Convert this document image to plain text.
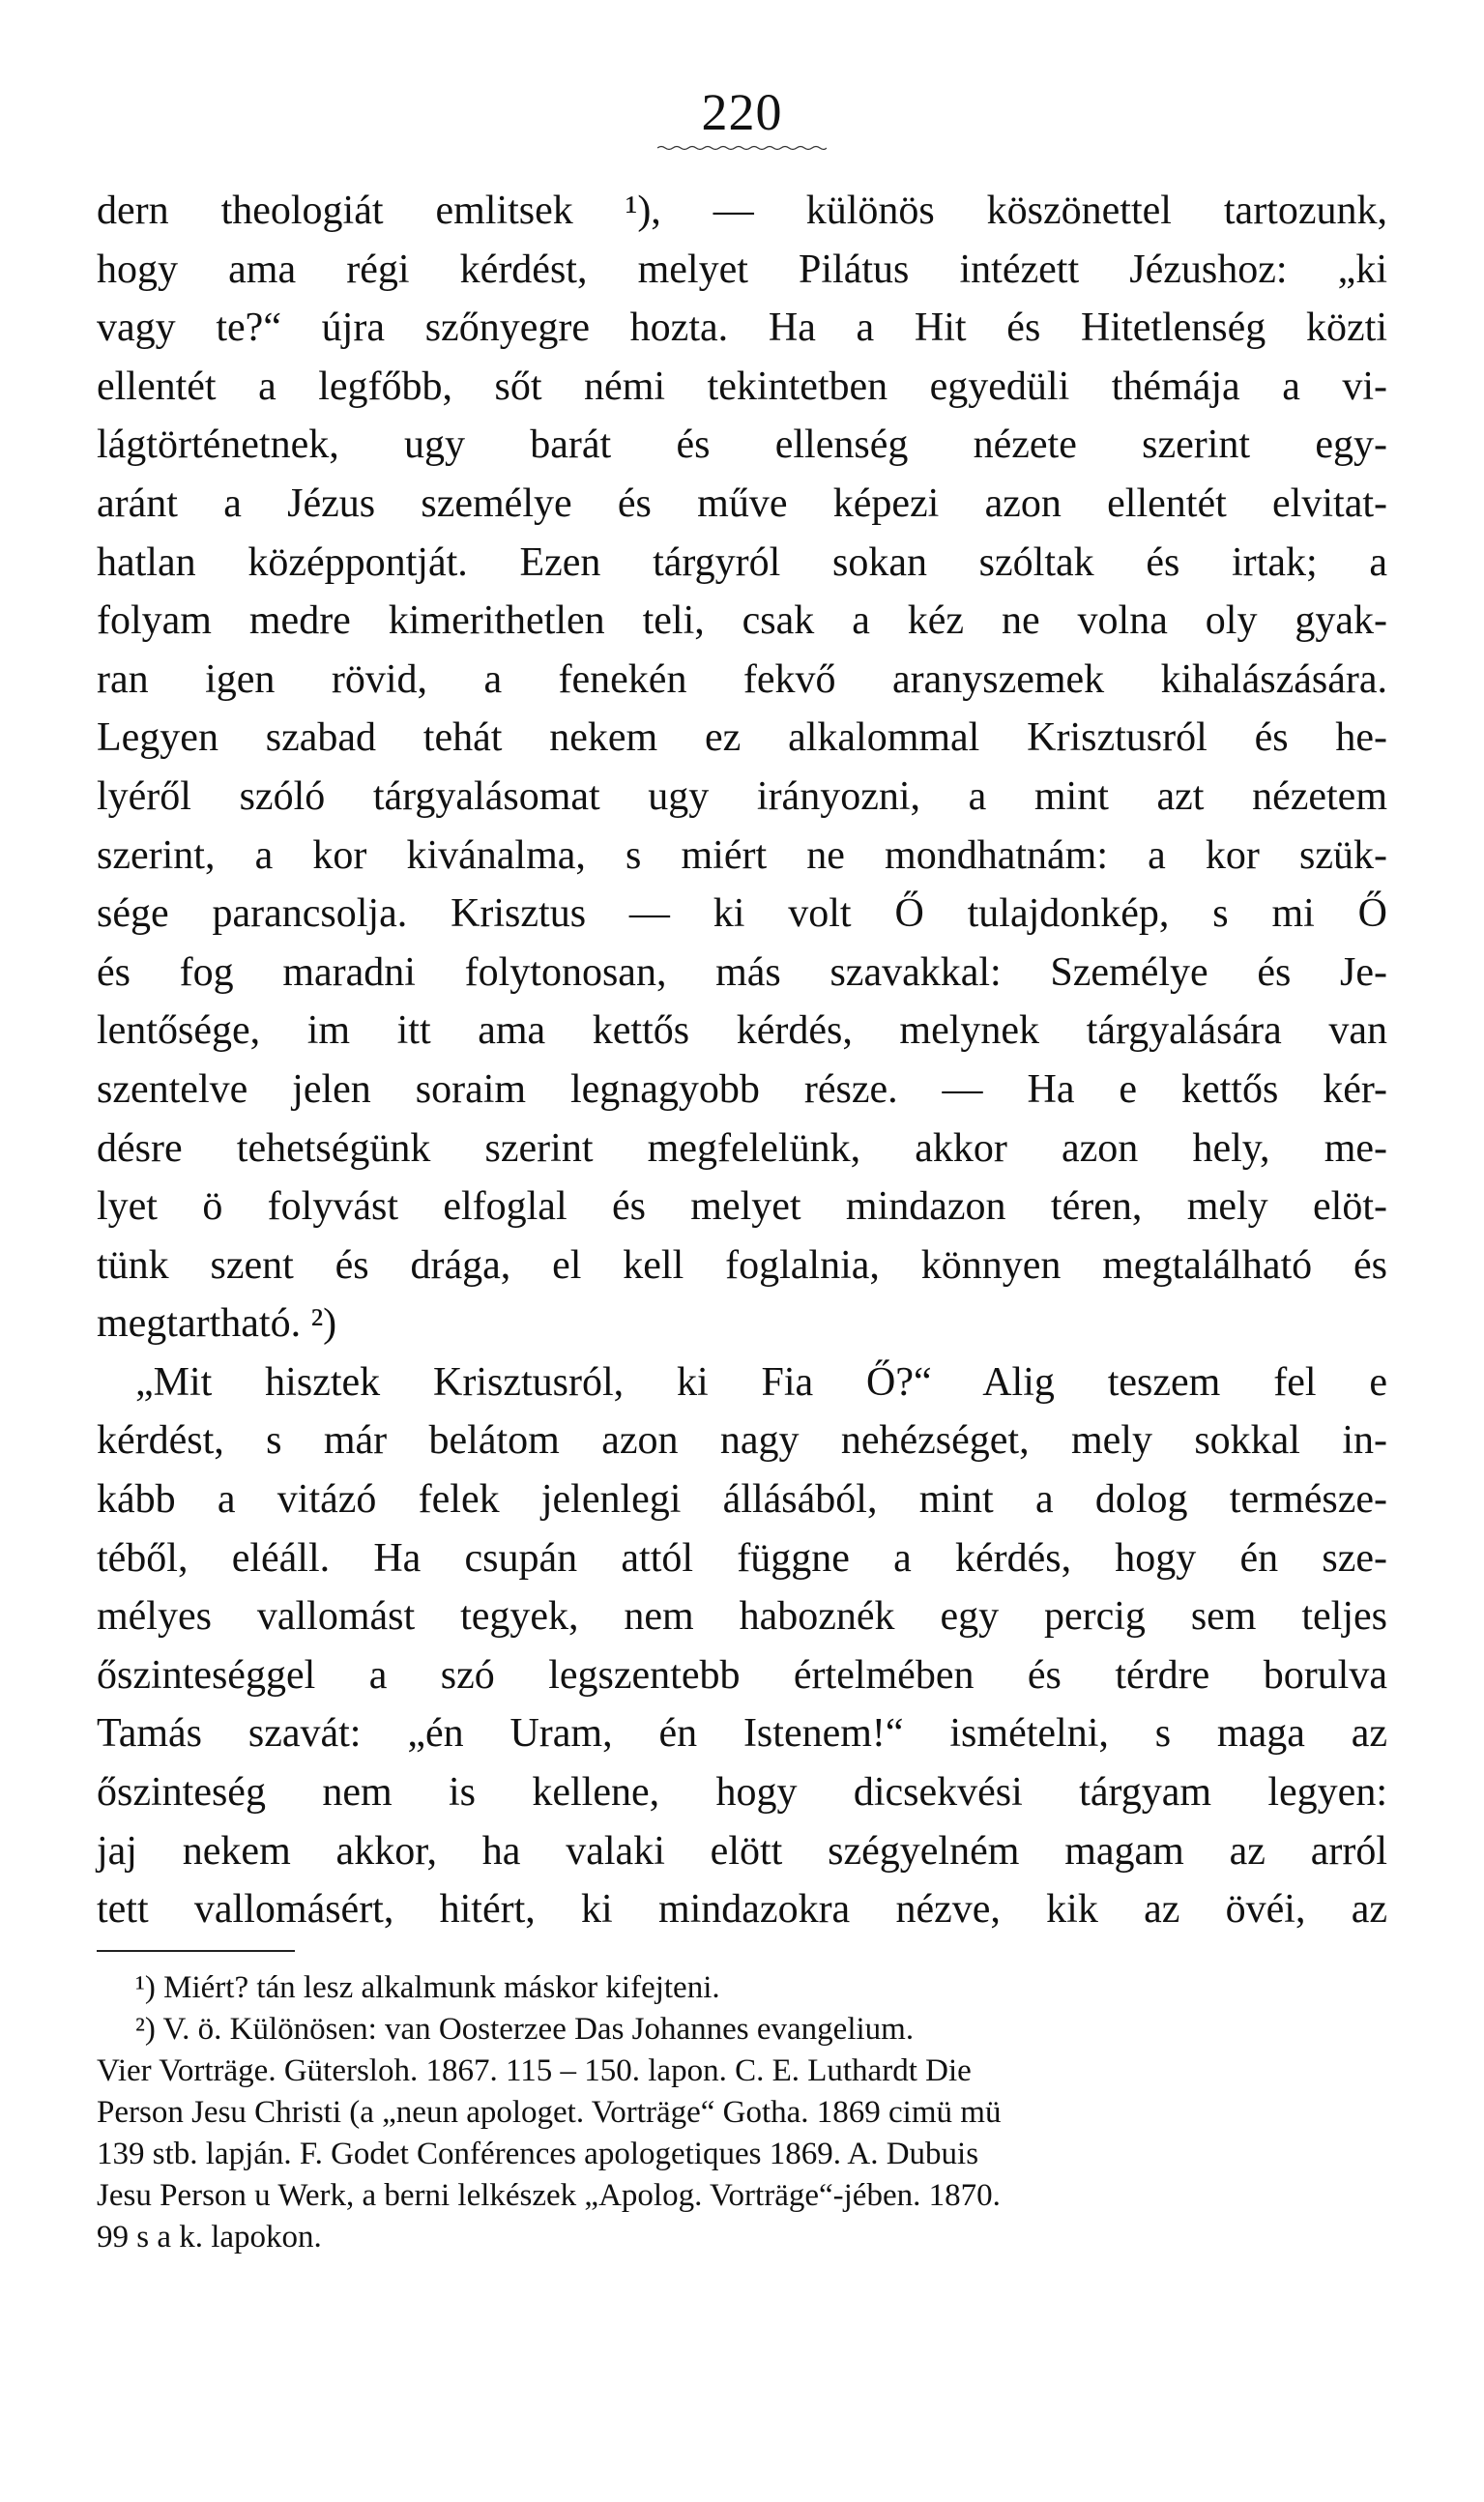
220
dern theologiát emlitsek ¹), — különös köszönettel tartozunk,
hogy ama régi kérdést, melyet Pilátus intézett Jézushoz: „ki
vagy te?“ újra szőnyegre hozta. Ha a Hit és Hitetlenség közti
ellentét a legfőbb, sőt némi tekintetben egyedüli thémája a vi-
lágtörténetnek, ugy barát és ellenség nézete szerint egy-
aránt a Jézus személye és műve képezi azon ellentét elvitat-
hatlan középpontját. Ezen tárgyról sokan szóltak és irtak; a
folyam medre kimerithetlen teli, csak a kéz ne volna oly gyak-
ran igen rövid, a fenekén fekvő aranyszemek kihalászására.
Legyen szabad tehát nekem ez alkalommal Krisztusról és he-
lyéről szóló tárgyalásomat ugy irányozni, a mint azt nézetem
szerint, a kor kivánalma, s miért ne mondhatnám: a kor szük-
sége parancsolja. Krisztus — ki volt Ő tulajdonkép, s mi Ő
és fog maradni folytonosan, más szavakkal: Személye és Je-
lentősége, im itt ama kettős kérdés, melynek tárgyalására van
szentelve jelen soraim legnagyobb része. — Ha e kettős kér-
désre tehetségünk szerint megfelelünk, akkor azon hely, me-
lyet ö folyvást elfoglal és melyet mindazon téren, mely elöt-
tünk szent és drága, el kell foglalnia, könnyen megtalálható és
megtartható. ²)
„Mit hisztek Krisztusról, ki Fia Ő?“ Alig teszem fel e
kérdést, s már belátom azon nagy nehézséget, mely sokkal in-
kább a vitázó felek jelenlegi állásából, mint a dolog természe-
téből, eléáll. Ha csupán attól függne a kérdés, hogy én sze-
mélyes vallomást tegyek, nem haboznék egy percig sem teljes
őszinteséggel a szó legszentebb értelmében és térdre borulva
Tamás szavát: „én Uram, én Istenem!“ ismételni, s maga az
őszinteség nem is kellene, hogy dicsekvési tárgyam legyen:
jaj nekem akkor, ha valaki elött szégyelném magam az arról
tett vallomásért, hitért, ki mindazokra nézve, kik az övéi, az
¹) Miért? tán lesz alkalmunk máskor kifejteni.
²) V. ö. Különösen: van Oosterzee Das Johannes evangelium.
Vier Vorträge. Gütersloh. 1867. 115 – 150. lapon. C. E. Luthardt Die
Person Jesu Christi (a „neun apologet. Vorträge“ Gotha. 1869 cimü mü
139 stb. lapján. F. Godet Conférences apologetiques 1869. A. Dubuis
Jesu Person u Werk, a berni lelkészek „Apolog. Vorträge“-jében. 1870.
99 s a k. lapokon.
